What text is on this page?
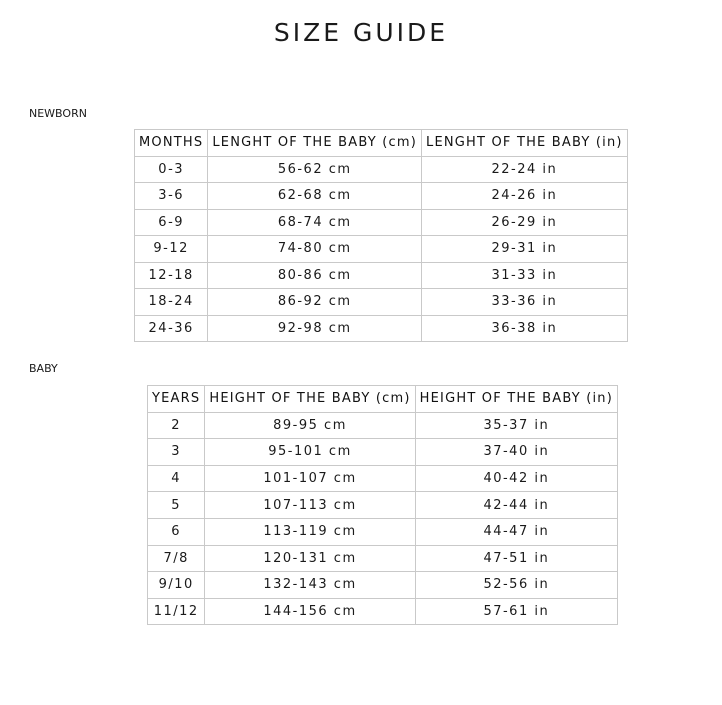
SIZE GUIDE
NEWBORN
MONTHS	LENGHT OF THE BABY (cm)	LENGHT OF THE BABY (in)
0-3	56-62 cm	22-24 in
3-6	62-68 cm	24-26 in
6-9	68-74 cm	26-29 in
9-12	74-80 cm	29-31 in
12-18	80-86 cm	31-33 in
18-24	86-92 cm	33-36 in
24-36	92-98 cm	36-38 in
BABY
YEARS	HEIGHT OF THE BABY (cm)	HEIGHT OF THE BABY (in)
2	89-95 cm	35-37 in
3	95-101 cm	37-40 in
4	101-107 cm	40-42 in
5	107-113 cm	42-44 in
6	113-119 cm	44-47 in
7/8	120-131 cm	47-51 in
9/10	132-143 cm	52-56 in
11/12	144-156 cm	57-61 in
